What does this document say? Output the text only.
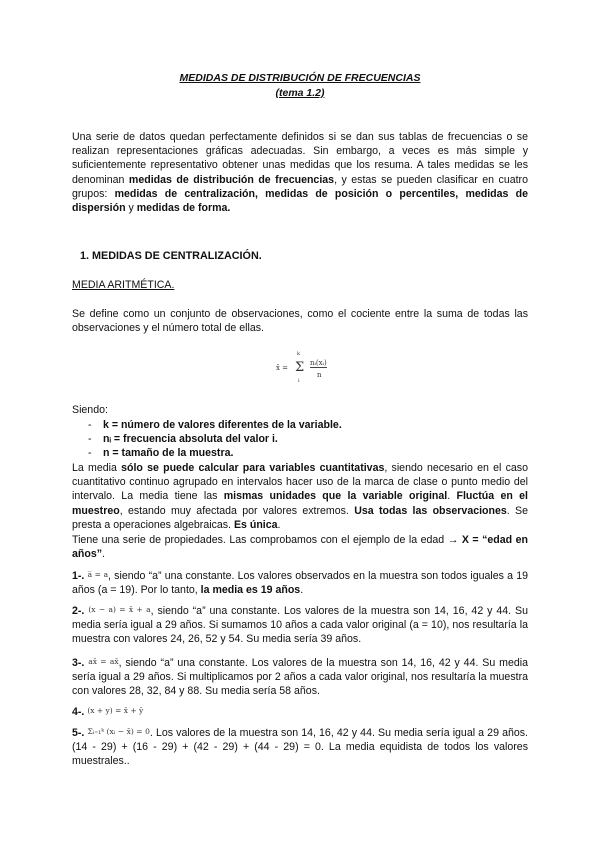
MEDIDAS DE DISTRIBUCIÓN DE FRECUENCIAS
(tema 1.2)

Una serie de datos quedan perfectamente definidos si se dan sus tablas de frecuencias o se realizan representaciones gráficas adecuadas. Sin embargo, a veces es más simple y suficientemente representativo obtener unas medidas que los resuma. A tales medidas se les denominan medidas de distribución de frecuencias, y estas se pueden clasificar en cuatro grupos: medidas de centralización, medidas de posición o percentiles, medidas de dispersión y medidas de forma.

1. MEDIDAS DE CENTRALIZACIÓN.
MEDIA ARITMÉTICA.

Se define como un conjunto de observaciones, como el cociente entre la suma de todas las observaciones y el número total de ellas.

x̄ = Σ
k
i
nᵢ(xᵢ)
n
Siendo:
-	k = número de valores diferentes de la variable.
-	nᵢ = frecuencia absoluta del valor i.
-	n = tamaño de la muestra.

La media sólo se puede calcular para variables cuantitativas, siendo necesario en el caso cuantitativo continuo agrupado en intervalos hacer uso de la marca de clase o punto medio del intervalo. La media tiene las mismas unidades que la variable original. Fluctúa en el muestreo, estando muy afectada por valores extremos. Usa todas las observaciones. Se presta a operaciones algebraicas. Es única.

Tiene una serie de propiedades. Las comprobamos con el ejemplo de la edad → X = “edad en años”.

1-. a̅ = a, siendo “a” una constante. Los valores observados en la muestra son todos iguales a 19 años (a = 19). Por lo tanto, la media es 19 años.

2-. (x − a) = x̄ + a, siendo “a” una constante. Los valores de la muestra son 14, 16, 42 y 44. Su media sería igual a 29 años. Si sumamos 10 años a cada valor original (a = 10), nos resultaría la muestra con valores 24, 26, 52 y 54. Su media sería 39 años.

3-. ax̄ = ax̄, siendo “a” una constante. Los valores de la muestra son 14, 16, 42 y 44. Su media sería igual a 29 años. Si multiplicamos por 2 años a cada valor original, nos resultaría la muestra con valores 28, 32, 84 y 88. Su media sería 58 años.

4-. (x + y) = x̄ + ȳ

5-. Σᵢ₌₁ᵏ (xᵢ − x̄) = 0. Los valores de la muestra son 14, 16, 42 y 44. Su media sería igual a 29 años. (14 - 29) + (16 - 29) + (42 - 29) + (44 - 29) = 0. La media equidista de todos los valores muestrales..
